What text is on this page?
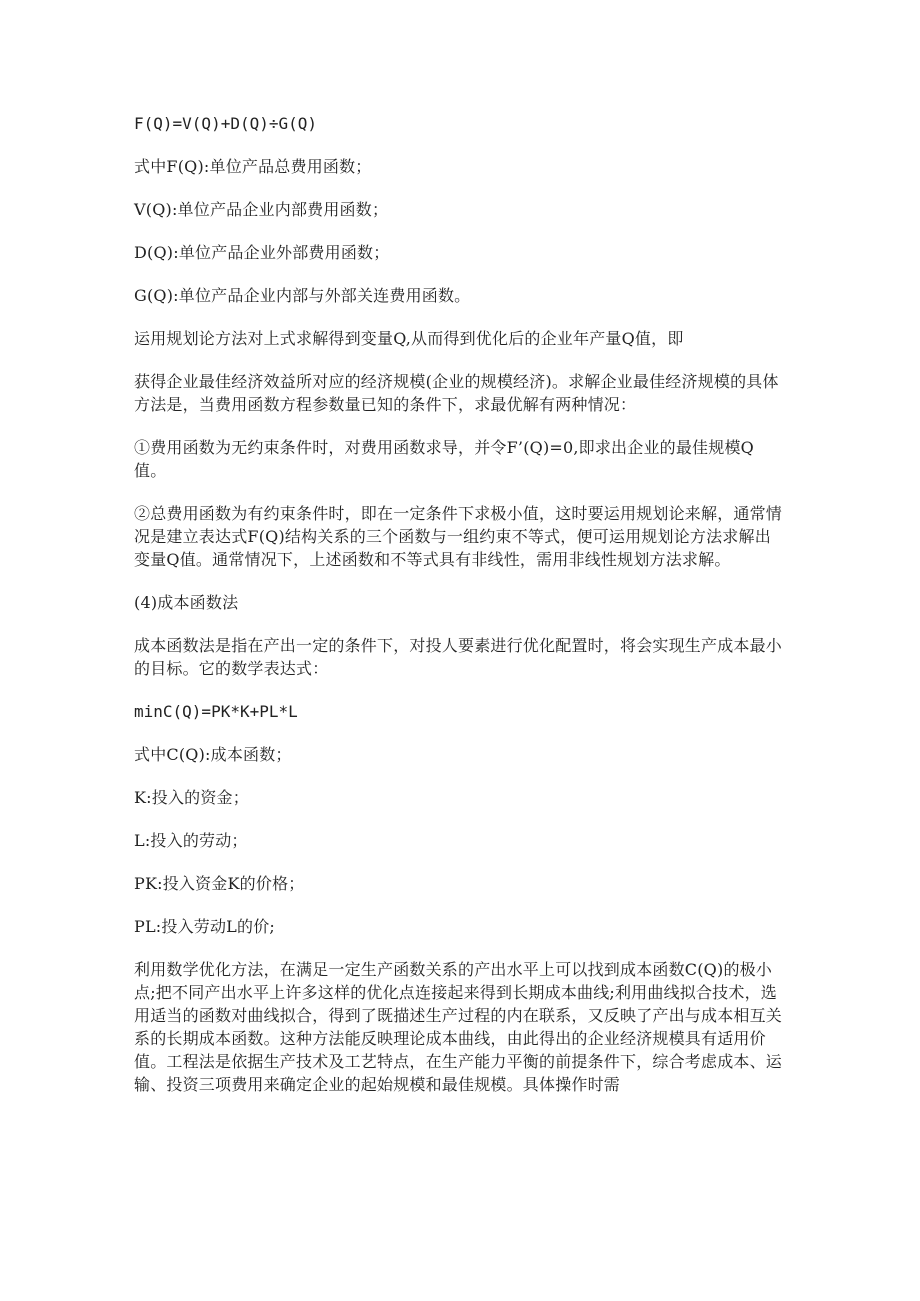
F(Q)=V(Q)+D(Q)÷G(Q)

式中F(Q):单位产品总费用函数；

V(Q):单位产品企业内部费用函数；

D(Q):单位产品企业外部费用函数；

G(Q):单位产品企业内部与外部关连费用函数。

运用规划论方法对上式求解得到变量Q,从而得到优化后的企业年产量Q值，即

获得企业最佳经济效益所对应的经济规模(企业的规模经济)。求解企业最佳经济规模的具体方法是，当费用函数方程参数量已知的条件下，求最优解有两种情况：

①费用函数为无约束条件时，对费用函数求导，并令F’(Q)=0,即求出企业的最佳规模Q值。

②总费用函数为有约束条件时，即在一定条件下求极小值，这时要运用规划论来解，通常情况是建立表达式F(Q)结构关系的三个函数与一组约束不等式，便可运用规划论方法求解出变量Q值。通常情况下，上述函数和不等式具有非线性，需用非线性规划方法求解。

(4)成本函数法

成本函数法是指在产出一定的条件下，对投人要素进行优化配置时，将会实现生产成本最小的目标。它的数学表达式：

minC(Q)=PK*K+PL*L

式中C(Q):成本函数；

K:投入的资金；

L:投入的劳动；

PK:投入资金K的价格；

PL:投入劳动L的价;

利用数学优化方法，在满足一定生产函数关系的产出水平上可以找到成本函数C(Q)的极小点;把不同产出水平上许多这样的优化点连接起来得到长期成本曲线;利用曲线拟合技术，选用适当的函数对曲线拟合，得到了既描述生产过程的内在联系，又反映了产出与成本相互关系的长期成本函数。这种方法能反映理论成本曲线，由此得出的企业经济规模具有适用价值。工程法是依据生产技术及工艺特点，在生产能力平衡的前提条件下，综合考虑成本、运输、投资三项费用来确定企业的起始规模和最佳规模。具体操作时需
